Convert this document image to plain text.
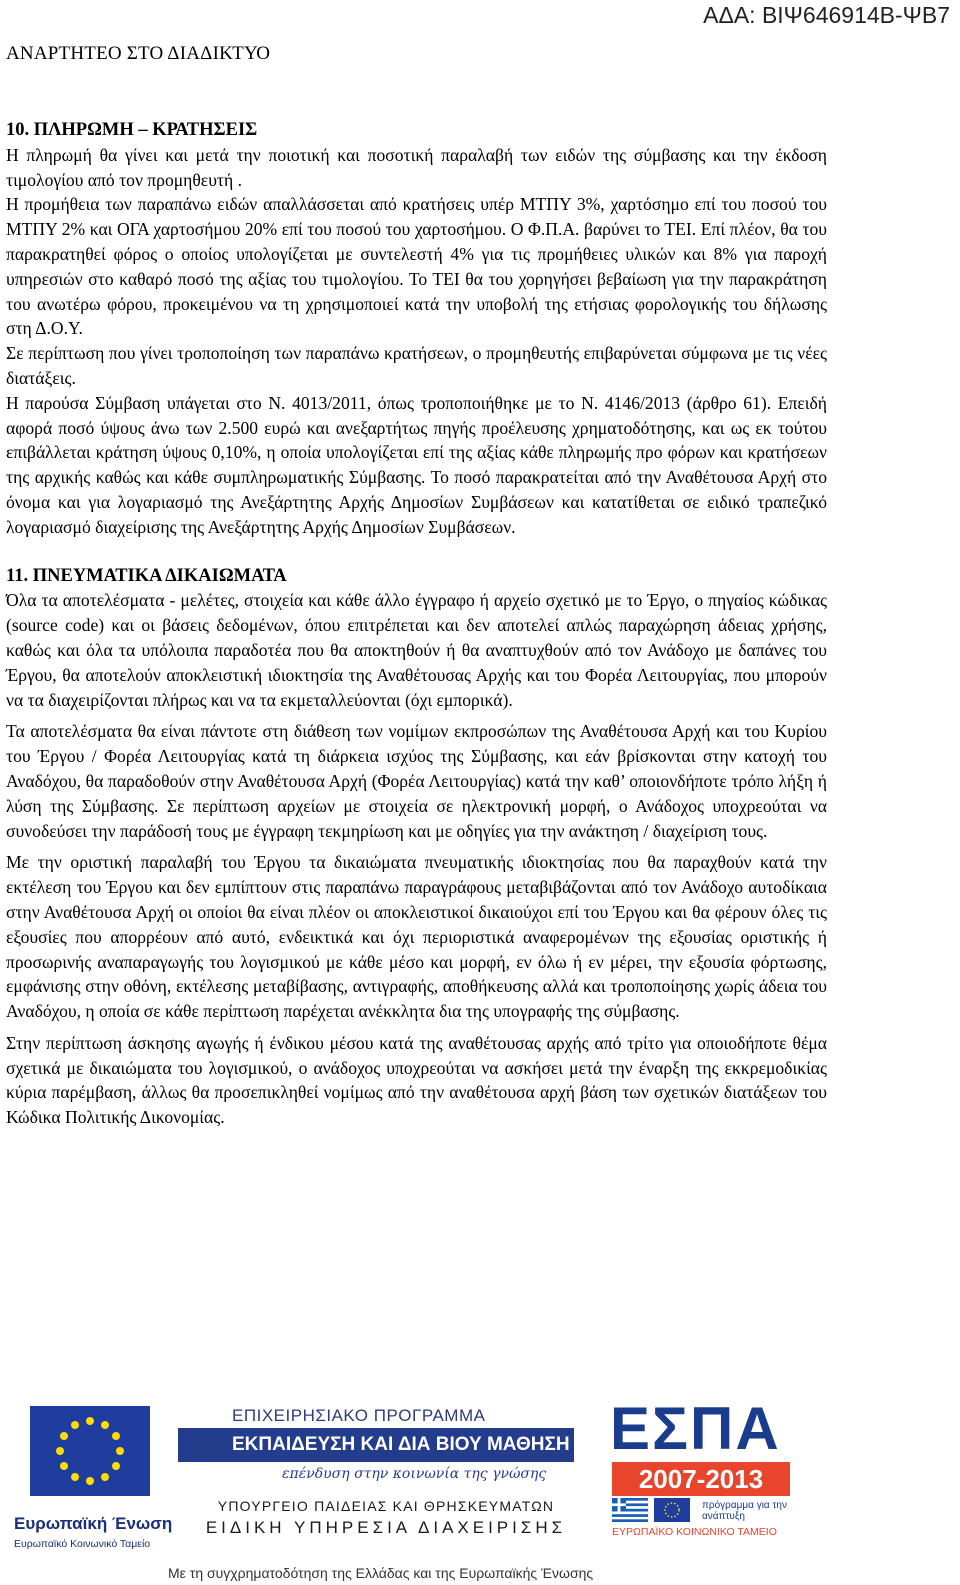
ΑΝΑΡΤΗΤΕΟ ΣΤΟ ΔΙΑΔΙΚΤΥΟ
ΑΔΑ: ΒΙΨ646914Β-ΨΒ7
10. ΠΛΗΡΩΜΗ – ΚΡΑΤΗΣΕΙΣ

Η πληρωμή θα γίνει και μετά την ποιοτική και ποσοτική παραλαβή των ειδών της σύμβασης και την έκδοση τιμολογίου από τον προμηθευτή .

Η προμήθεια των παραπάνω ειδών απαλλάσσεται από κρατήσεις υπέρ ΜΤΠΥ 3%, χαρτόσημο επί του ποσού του ΜΤΠΥ 2% και ΟΓΑ χαρτοσήμου 20% επί του ποσού του χαρτοσήμου. Ο Φ.Π.Α. βαρύνει το ΤΕΙ. Επί πλέον, θα του παρακρατηθεί φόρος ο οποίος υπολογίζεται με συντελεστή 4% για τις προμήθειες υλικών και 8% για παροχή υπηρεσιών στο καθαρό ποσό της αξίας του τιμολογίου. Το ΤΕΙ θα του χορηγήσει βεβαίωση για την παρακράτηση του ανωτέρω φόρου, προκειμένου να τη χρησιμοποιεί κατά την υποβολή της ετήσιας φορολογικής του δήλωσης στη Δ.Ο.Υ.

Σε περίπτωση που γίνει τροποποίηση των παραπάνω κρατήσεων, ο προμηθευτής επιβαρύνεται σύμφωνα με τις νέες διατάξεις.

Η παρούσα Σύμβαση υπάγεται στο Ν. 4013/2011, όπως τροποποιήθηκε με το Ν. 4146/2013 (άρθρο 61). Επειδή αφορά ποσό ύψους άνω των 2.500 ευρώ και ανεξαρτήτως πηγής προέλευσης χρηματοδότησης, και ως εκ τούτου επιβάλλεται κράτηση ύψους 0,10%, η οποία υπολογίζεται επί της αξίας κάθε πληρωμής προ φόρων και κρατήσεων της αρχικής καθώς και κάθε συμπληρωματικής Σύμβασης. Το ποσό παρακρατείται από την Αναθέτουσα Αρχή στο όνομα και για λογαριασμό της Ανεξάρτητης Αρχής Δημοσίων Συμβάσεων και κατατίθεται σε ειδικό τραπεζικό λογαριασμό διαχείρισης της Ανεξάρτητης Αρχής Δημοσίων Συμβάσεων.

11. ΠΝΕΥΜΑΤΙΚΑ ΔΙΚΑΙΩΜΑΤΑ

Όλα τα αποτελέσματα - μελέτες, στοιχεία και κάθε άλλο έγγραφο ή αρχείο σχετικό με το Έργο, ο πηγαίος κώδικας (source code) και οι βάσεις δεδομένων, όπου επιτρέπεται και δεν αποτελεί απλώς παραχώρηση άδειας χρήσης, καθώς και όλα τα υπόλοιπα παραδοτέα που θα αποκτηθούν ή θα αναπτυχθούν από τον Ανάδοχο με δαπάνες του Έργου, θα αποτελούν αποκλειστική ιδιοκτησία της Αναθέτουσας Αρχής και του Φορέα Λειτουργίας, που μπορούν να τα διαχειρίζονται πλήρως και να τα εκμεταλλεύονται (όχι εμπορικά).

Τα αποτελέσματα θα είναι πάντοτε στη διάθεση των νομίμων εκπροσώπων της Αναθέτουσα Αρχή και του Κυρίου του Έργου / Φορέα Λειτουργίας κατά τη διάρκεια ισχύος της Σύμβασης, και εάν βρίσκονται στην κατοχή του Αναδόχου, θα παραδοθούν στην Αναθέτουσα Αρχή (Φορέα Λειτουργίας) κατά την καθ’ οποιονδήποτε τρόπο λήξη ή λύση της Σύμβασης. Σε περίπτωση αρχείων με στοιχεία σε ηλεκτρονική μορφή, ο Ανάδοχος υποχρεούται να συνοδεύσει την παράδοσή τους με έγγραφη τεκμηρίωση και με οδηγίες για την ανάκτηση / διαχείριση τους.

Με την οριστική παραλαβή του Έργου τα δικαιώματα πνευματικής ιδιοκτησίας που θα παραχθούν κατά την εκτέλεση του Έργου και δεν εμπίπτουν στις παραπάνω παραγράφους μεταβιβάζονται από τον Ανάδοχο αυτοδίκαια στην Αναθέτουσα Αρχή οι οποίοι θα είναι πλέον οι αποκλειστικοί δικαιούχοι επί του Έργου και θα φέρουν όλες τις εξουσίες που απορρέουν από αυτό, ενδεικτικά και όχι περιοριστικά αναφερομένων της εξουσίας οριστικής ή προσωρινής αναπαραγωγής του λογισμικού με κάθε μέσο και μορφή, εν όλω ή εν μέρει, την εξουσία φόρτωσης, εμφάνισης στην οθόνη, εκτέλεσης μεταβίβασης, αντιγραφής, αποθήκευσης αλλά και τροποποίησης χωρίς άδεια του Αναδόχου, η οποία σε κάθε περίπτωση παρέχεται ανέκκλητα δια της υπογραφής της σύμβασης.

Στην περίπτωση άσκησης αγωγής ή ένδικου μέσου κατά της αναθέτουσας αρχής από τρίτο για οποιοδήποτε θέμα σχετικά με δικαιώματα του λογισμικού, ο ανάδοχος υποχρεούται να ασκήσει μετά την έναρξη της εκκρεμοδικίας κύρια παρέμβαση, άλλως θα προσεπικληθεί νομίμως από την αναθέτουσα αρχή βάση των σχετικών διατάξεων του Κώδικα Πολιτικής Δικονομίας.

Ευρωπαϊκή Ένωση
Ευρωπαϊκό Κοινωνικό Ταμείο
ΕΠΙΧΕΙΡΗΣΙΑΚΟ ΠΡΟΓΡΑΜΜΑ
ΕΚΠΑΙΔΕΥΣΗ ΚΑΙ ΔΙΑ ΒΙΟΥ ΜΑΘΗΣΗ
επένδυση στην κοινωνία της γνώσης
ΥΠΟΥΡΓΕΙΟ ΠΑΙΔΕΙΑΣ ΚΑΙ ΘΡΗΣΚΕΥΜΑΤΩΝ
ΕΙΔΙΚΗ ΥΠΗΡΕΣΙΑ ΔΙΑΧΕΙΡΙΣΗΣ
Με τη συγχρηματοδότηση της Ελλάδας και της Ευρωπαϊκής Ένωσης
ΕΣΠΑ
2007-2013
πρόγραμμα για την ανάπτυξη
ΕΥΡΩΠΑΪΚΟ ΚΟΙΝΩΝΙΚΟ ΤΑΜΕΙΟ
